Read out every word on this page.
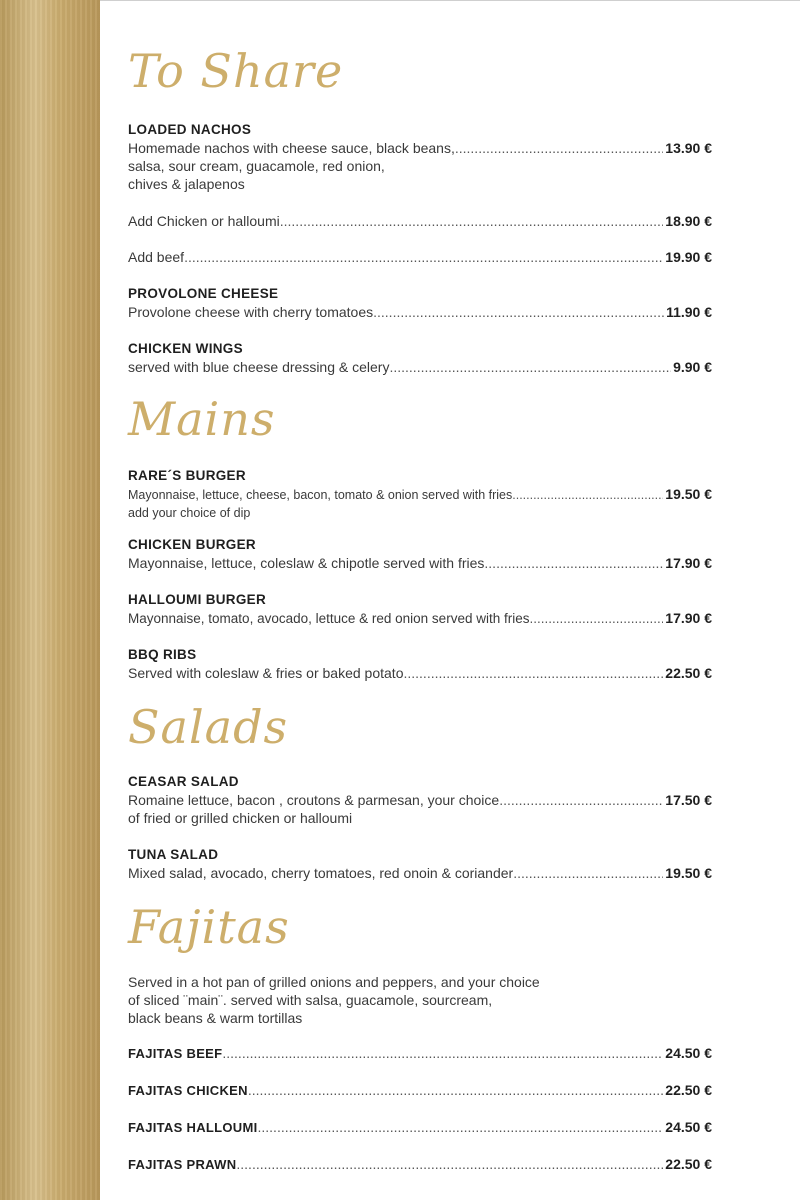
To Share
LOADED NACHOS
Homemade nachos with cheese sauce, black beans, .....	13.90 €
salsa, sour cream, guacamole, red onion,
chives & jalapenos
Add Chicken or halloumi .....	18.90 €
Add beef .....	19.90 €
PROVOLONE CHEESE
Provolone cheese with cherry tomatoes .....	11.90 €
CHICKEN WINGS
served with blue cheese dressing & celery .....	9.90 €
Mains
RARE´S BURGER
Mayonnaise, lettuce, cheese, bacon, tomato & onion served with fries .....	19.50 €
add your choice of dip
CHICKEN BURGER
Mayonnaise, lettuce, coleslaw & chipotle served with fries .....	17.90 €
HALLOUMI BURGER
Mayonnaise, tomato, avocado, lettuce & red onion served with fries .....	17.90 €
BBQ RIBS
Served with coleslaw & fries or baked potato .....	22.50 €
Salads
CEASAR SALAD
Romaine lettuce, bacon , croutons & parmesan, your choice .....	17.50 €
of fried or grilled chicken or halloumi
TUNA SALAD
Mixed salad, avocado, cherry tomatoes, red onoin & coriander .....	19.50 €
Fajitas
Served in a hot pan of grilled onions and peppers, and your choice
of sliced ¨main¨. served with salsa, guacamole, sourcream,
black beans & warm tortillas
FAJITAS BEEF .....	24.50 €
FAJITAS CHICKEN .....	22.50 €
FAJITAS HALLOUMI .....	24.50 €
FAJITAS PRAWN .....	22.50 €
